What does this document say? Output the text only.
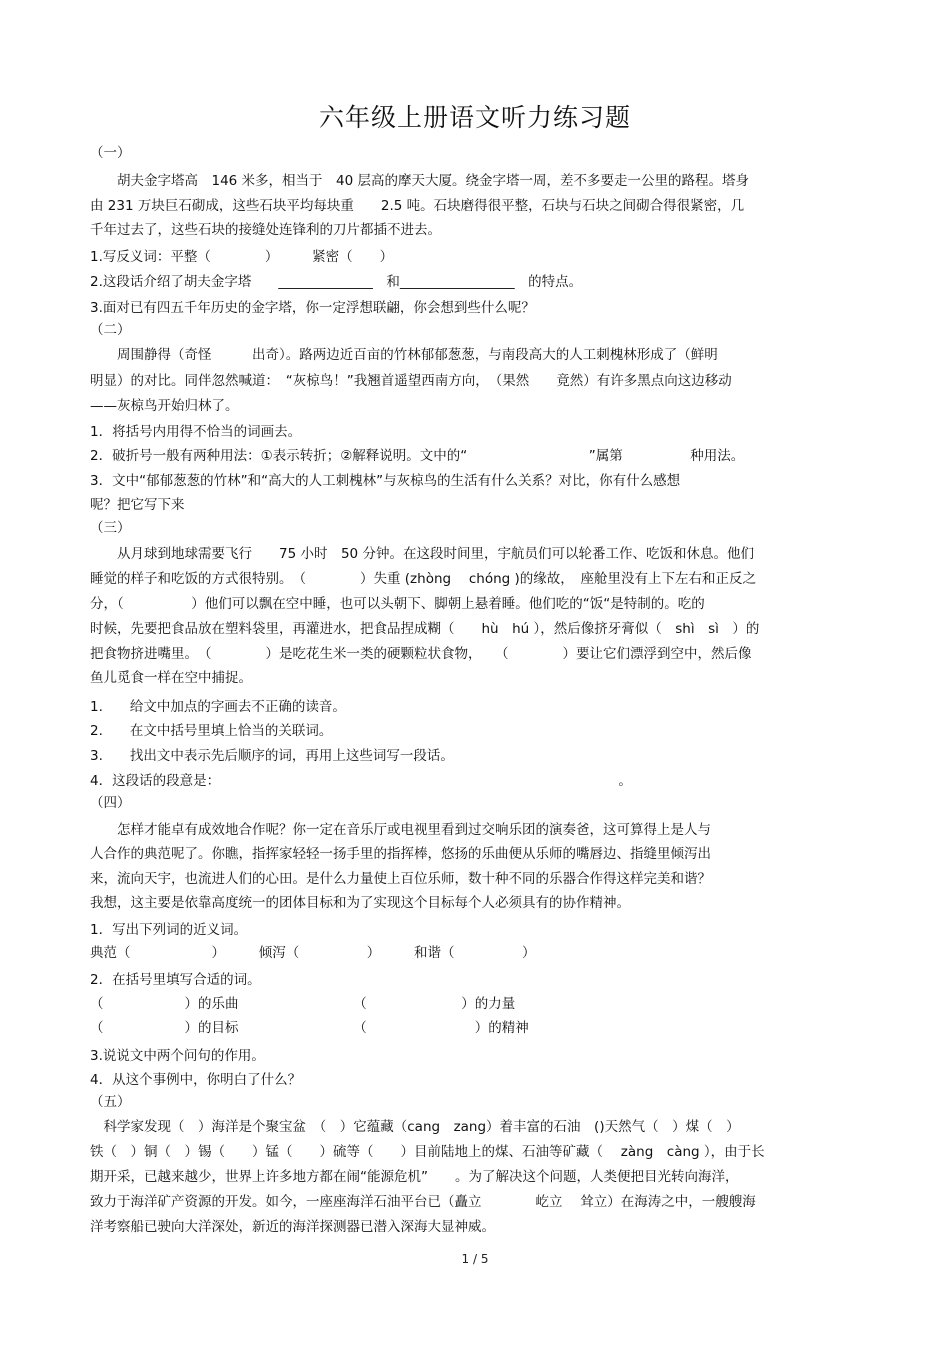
六年级上册语文听力练习题
（一）
　　胡夫金字塔高　146 米多，相当于　40 层高的摩天大厦。绕金字塔一周，差不多要走一公里的路程。塔身
由 231 万块巨石砌成，这些石块平均每块重　　2.5 吨。石块磨得很平整，石块与石块之间砌合得很紧密，几
千年过去了，这些石块的接缝处连锋利的刀片都插不进去。
1.写反义词：平整（　　　　）　　　紧密（　　）
2.这段话介绍了胡夫金字塔　　______________　和_________________　的特点。
3.面对已有四五千年历史的金字塔，你一定浮想联翩，你会想到些什么呢？
（二）
　　周围静得（奇怪　　　出奇）。路两边近百亩的竹林郁郁葱葱，与南段高大的人工刺槐林形成了（鲜明
明显）的对比。同伴忽然喊道：　“灰椋鸟！”我翘首遥望西南方向，　（果然　　竟然）有许多黑点向这边移动
——灰椋鸟开始归林了。
1．将括号内用得不恰当的词画去。
2．破折号一般有两种用法：①表示转折；②解释说明。文中的“　　　　　　　　　”属第　　　　　种用法。
3．文中“郁郁葱葱的竹林”和“高大的人工刺槐林”与灰椋鸟的生活有什么关系？对比，你有什么感想
呢？把它写下来
（三）
　　从月球到地球需要飞行　　75 小时　50 分钟。在这段时间里，宇航员们可以轮番工作、吃饭和休息。他们
睡觉的样子和吃饭的方式很特别。　（　　　　）失重 (zhòng　 chóng )的缘故，　座舱里没有上下左右和正反之
分，（　　　　　）他们可以飘在空中睡，也可以头朝下、脚朝上悬着睡。他们吃的“饭“是特制的。吃的
时候，先要把食品放在塑料袋里，再灌进水，把食品捏成糊（　　hù　hú ），然后像挤牙膏似（　shì　sì　）的
把食物挤进嘴里。　（　　　　）是吃花生米一类的硬颗粒状食物，　　（　　　　）要让它们漂浮到空中，然后像
鱼儿觅食一样在空中捕捉。
1.　　给文中加点的字画去不正确的读音。
2.　　在文中括号里填上恰当的关联词。
3.　　找出文中表示先后顺序的词，再用上这些词写一段话。
4．这段话的段意是：　　　　　　　　　　　　　　　　　　　　　　　　　　　　　　。
（四）
　　怎样才能卓有成效地合作呢？你一定在音乐厅或电视里看到过交响乐团的演奏爸，这可算得上是人与
人合作的典范呢了。你瞧，指挥家轻轻一扬手里的指挥棒，悠扬的乐曲便从乐师的嘴唇边、指缝里倾泻出
来，流向天宇，也流进人们的心田。是什么力量使上百位乐师，数十种不同的乐器合作得这样完美和谐？
我想，这主要是依靠高度统一的团体目标和为了实现这个目标每个人必须具有的协作精神。
1．写出下列词的近义词。
典范（　　　　　　）　　　倾泻（　　　　　）　　　和谐（　　　　　）
2．在括号里填写合适的词。
（　　　　　　）的乐曲　　　　　　　　　（　　　　　　　）的力量
（　　　　　　）的目标　　　　　　　　　（　　　　　　　　）的精神
3.说说文中两个问句的作用。
4．从这个事例中，你明白了什么？
（五）
　科学家发现（　）海洋是个聚宝盆　（　）它蕴藏（cang　zang）着丰富的石油　()天然气（　）煤（　）
铁（　）铜（　）锡（　　）锰（　　）硫等（　　）目前陆地上的煤、石油等矿藏（　 zàng　càng ），由于长
期开采，已越来越少，世界上许多地方都在闹“能源危机”　　。为了解决这个问题，人类便把目光转向海洋，
致力于海洋矿产资源的开发。如今，一座座海洋石油平台已（矗立　　　　屹立　 耸立）在海涛之中，一艘艘海
洋考察船已驶向大洋深处，新近的海洋探测器已潜入深海大显神威。
1 / 5
